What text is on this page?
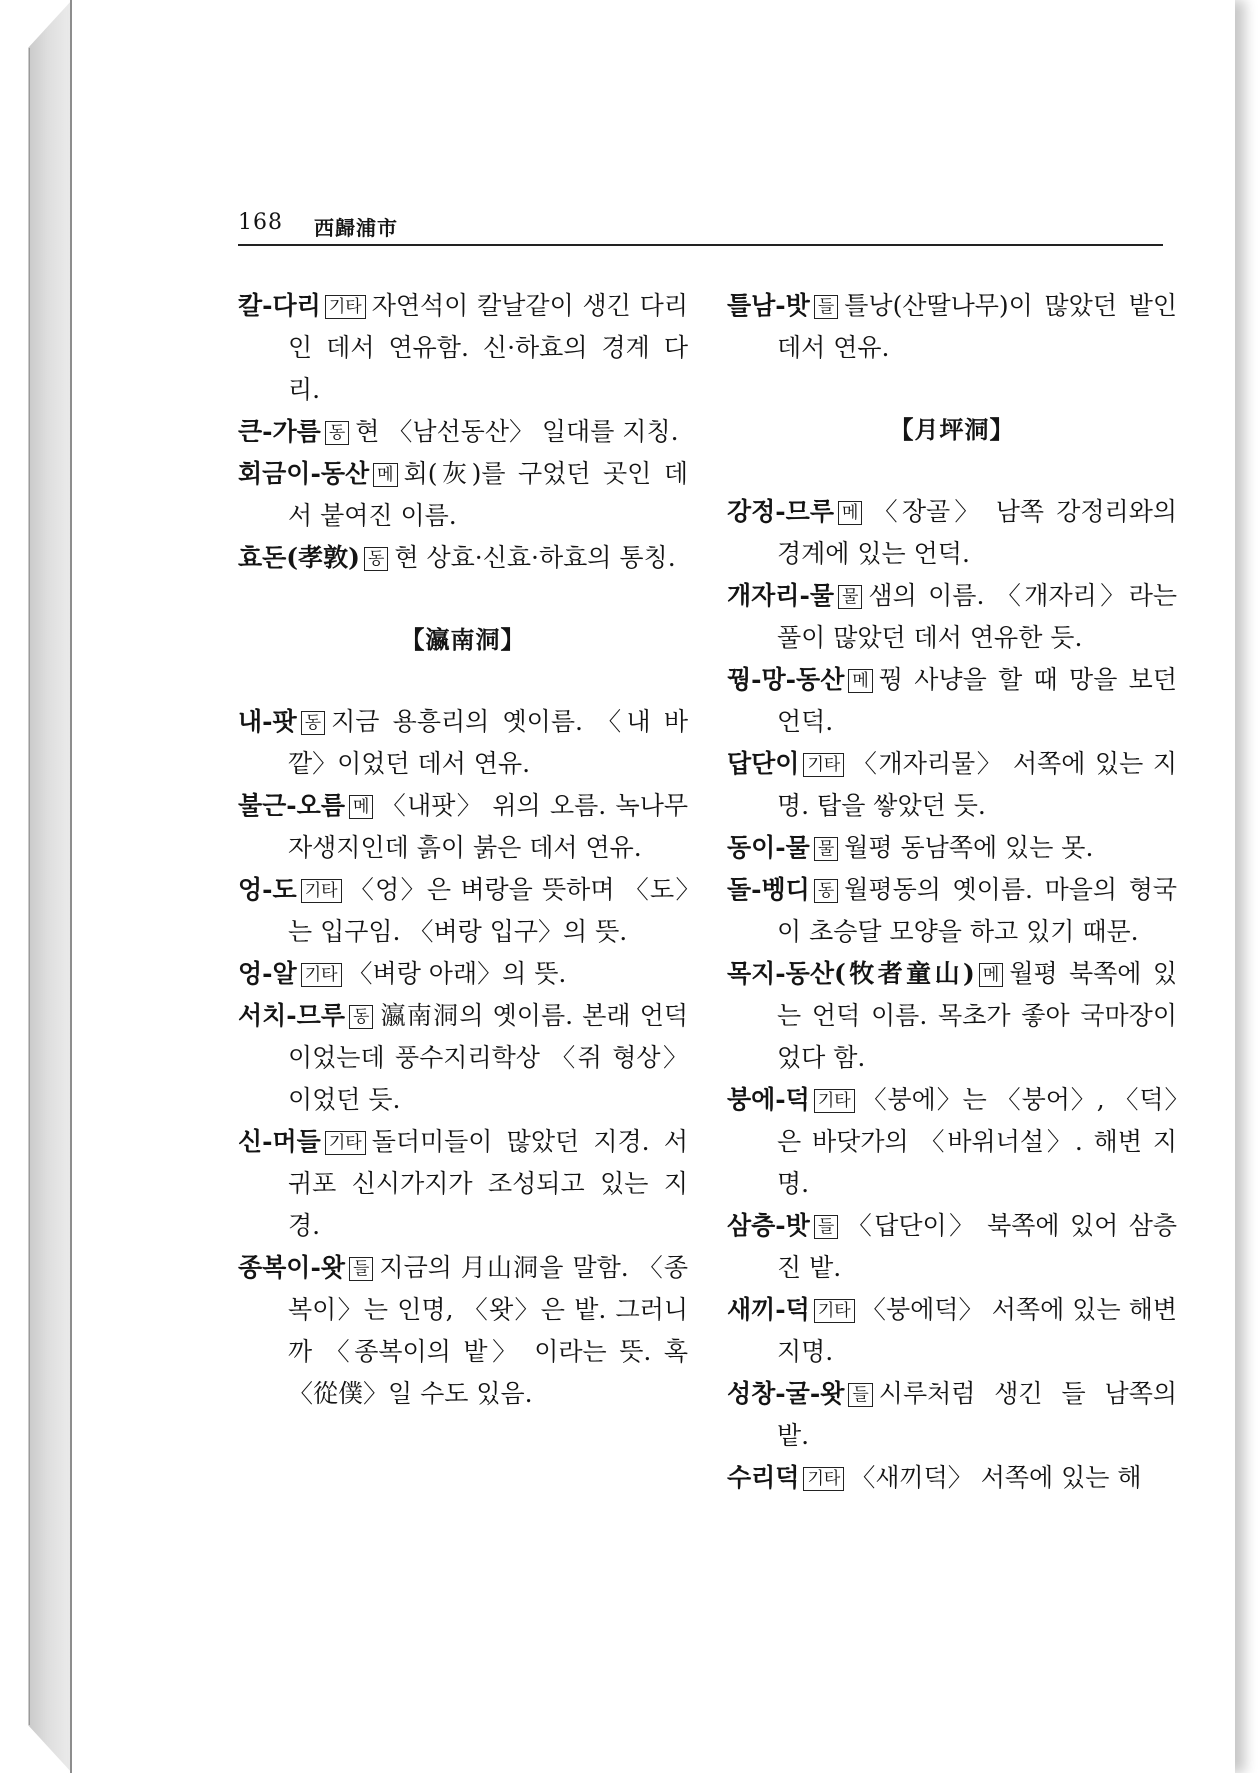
168 西歸浦市

칼-다리 기타 자연석이 칼날같이 생긴 다리인 데서 연유함. 신·하효의 경계 다리.

큰-가름 동 현 〈남선동산〉 일대를 지칭.

회금이-동산 메 회(灰)를 구었던 곳인 데서 붙여진 이름.

효돈(孝敦) 동 현 상효·신효·하효의 통칭.

【瀛南洞】

내-팟 동 지금 용흥리의 옛이름. 〈내 바깥〉이었던 데서 연유.

불근-오름 메 〈내팟〉 위의 오름. 녹나무 자생지인데 흙이 붉은 데서 연유.

엉-도 기타 〈엉〉은 벼랑을 뜻하며 〈도〉는 입구임. 〈벼랑 입구〉의 뜻.

엉-알 기타 〈벼랑 아래〉의 뜻.

서치-므루 동 瀛南洞의 옛이름. 본래 언덕이었는데 풍수지리학상 〈쥐 형상〉이었던 듯.

신-머들 기타 돌더미들이 많았던 지경. 서귀포 신시가지가 조성되고 있는 지경.

종복이-왓 들 지금의 月山洞을 말함. 〈종복이〉는 인명, 〈왓〉은 밭. 그러니까 〈종복이의 밭〉 이라는 뜻. 혹 〈從僕〉일 수도 있음.

틀남-밧 들 틀낭(산딸나무)이 많았던 밭인 데서 연유.

【月坪洞】

강정-므루 메 〈장골〉 남쪽 강정리와의 경계에 있는 언덕.

개자리-물 물 샘의 이름. 〈개자리〉라는 풀이 많았던 데서 연유한 듯.

꿩-망-동산 메 꿩 사냥을 할 때 망을 보던 언덕.

답단이 기타 〈개자리물〉 서쪽에 있는 지명. 탑을 쌓았던 듯.

동이-물 물 월평 동남쪽에 있는 못.

돌-벵디 동 월평동의 옛이름. 마을의 형국이 초승달 모양을 하고 있기 때문.

목지-동산(牧者童山) 메 월평 북쪽에 있는 언덕 이름. 목초가 좋아 국마장이었다 함.

붕에-덕 기타 〈붕에〉는 〈붕어〉, 〈덕〉은 바닷가의 〈바위너설〉. 해변 지명.

삼층-밧 들 〈답단이〉 북쪽에 있어 삼층진 밭.

새끼-덕 기타 〈붕에덕〉 서쪽에 있는 해변 지명.

성창-굴-왓 들 시루처럼 생긴 들 남쪽의 밭.

수리덕 기타 〈새끼덕〉 서쪽에 있는 해
